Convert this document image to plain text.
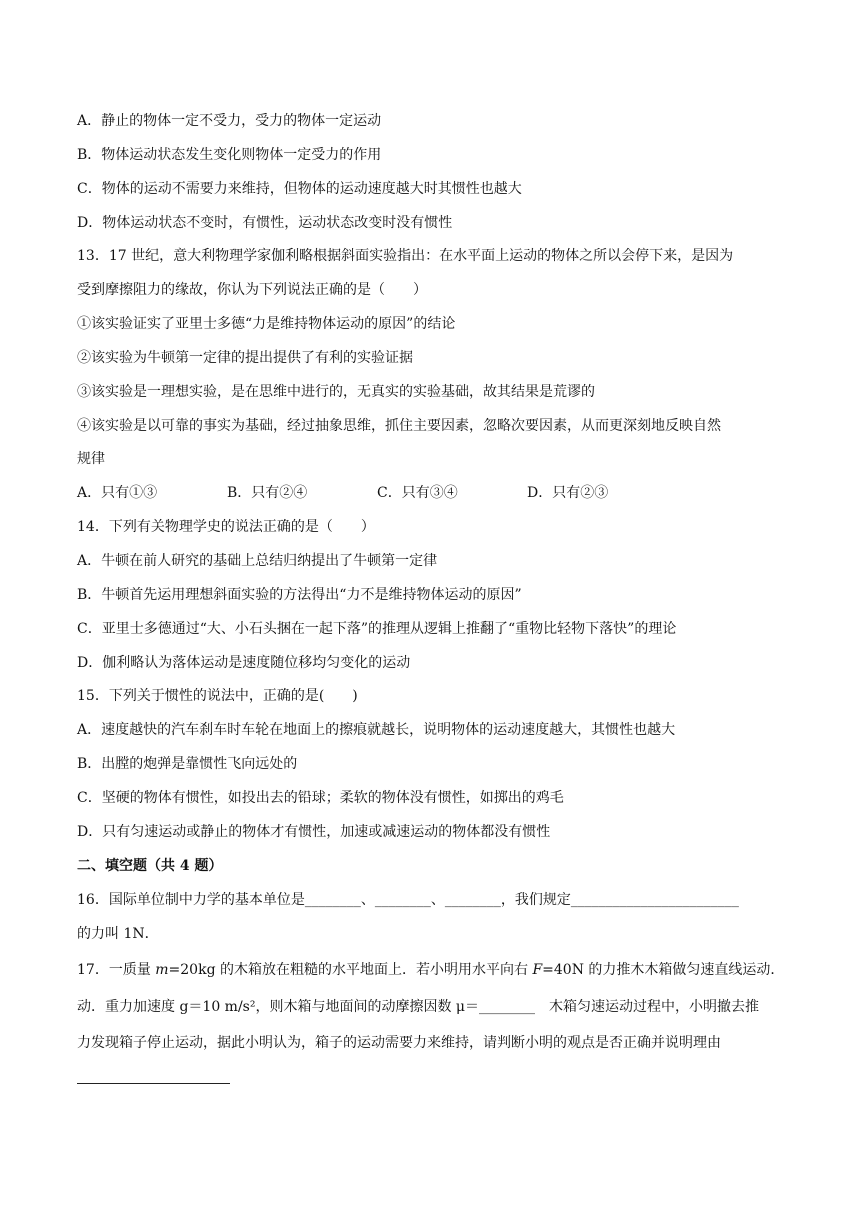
A．静止的物体一定不受力，受力的物体一定运动
B．物体运动状态发生变化则物体一定受力的作用
C．物体的运动不需要力来维持，但物体的运动速度越大时其惯性也越大
D．物体运动状态不变时，有惯性，运动状态改变时没有惯性
13．17 世纪，意大利物理学家伽利略根据斜面实验指出：在水平面上运动的物体之所以会停下来，是因为
受到摩擦阻力的缘故，你认为下列说法正确的是（　　）
①该实验证实了亚里士多德“力是维持物体运动的原因”的结论
②该实验为牛顿第一定律的提出提供了有利的实验证据
③该实验是一理想实验，是在思维中进行的，无真实的实验基础，故其结果是荒谬的
④该实验是以可靠的事实为基础，经过抽象思维，抓住主要因素，忽略次要因素，从而更深刻地反映自然
规律
A．只有①③	B．只有②④	C．只有③④	D．只有②③
14．下列有关物理学史的说法正确的是（　　）
A．牛顿在前人研究的基础上总结归纳提出了牛顿第一定律
B．牛顿首先运用理想斜面实验的方法得出“力不是维持物体运动的原因”
C．亚里士多德通过“大、小石头捆在一起下落”的推理从逻辑上推翻了“重物比轻物下落快”的理论
D．伽利略认为落体运动是速度随位移均匀变化的运动
15．下列关于惯性的说法中，正确的是(　　)
A．速度越快的汽车刹车时车轮在地面上的擦痕就越长，说明物体的运动速度越大，其惯性也越大
B．出膛的炮弹是靠惯性飞向远处的
C．坚硬的物体有惯性，如投出去的铅球；柔软的物体没有惯性，如掷出的鸡毛
D．只有匀速运动或静止的物体才有惯性，加速或减速运动的物体都没有惯性
二、填空题（共 4 题）
16．国际单位制中力学的基本单位是________、________、________，我们规定________________________
的力叫 1N．
17．一质量 m=20kg 的木箱放在粗糙的水平地面上．若小明用水平向右 F=40N 的力推木木箱做匀速直线运动．
动．重力加速度 g＝10 m/s²，则木箱与地面间的动摩擦因数 μ＝________　木箱匀速运动过程中，小明撤去推
力发现箱子停止运动，据此小明认为，箱子的运动需要力来维持，请判断小明的观点是否正确并说明理由
